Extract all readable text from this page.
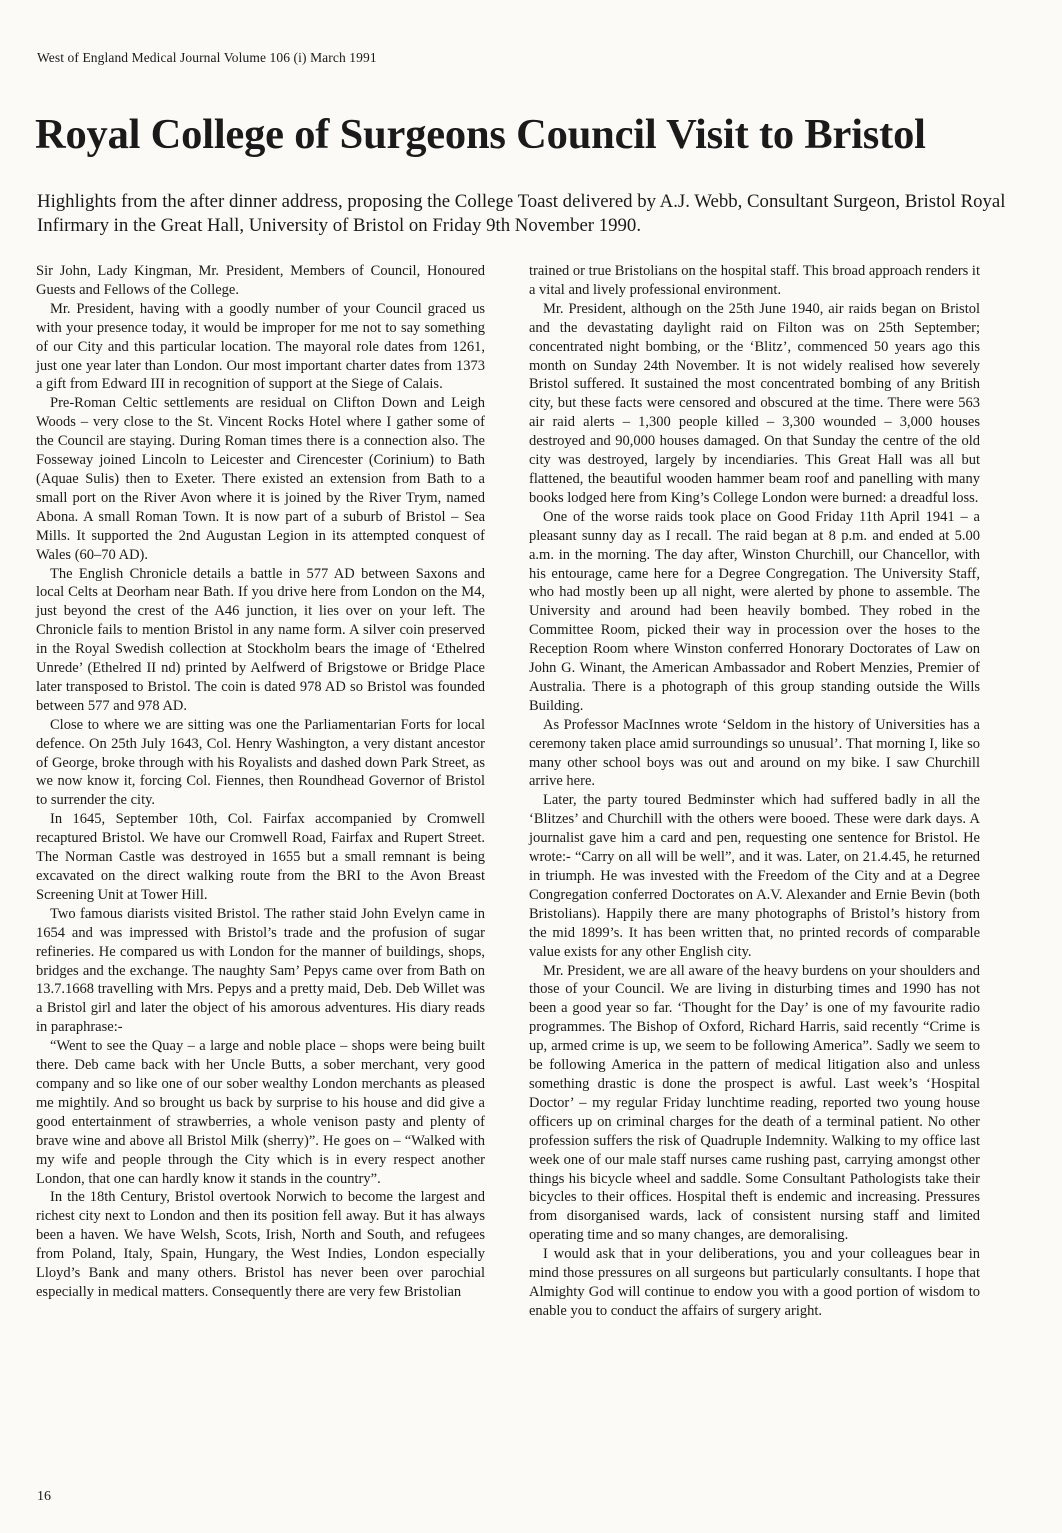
West of England Medical Journal Volume 106 (i) March 1991
Royal College of Surgeons Council Visit to Bristol

Highlights from the after dinner address, proposing the College Toast delivered by A.J. Webb, Consultant Surgeon, Bristol Royal Infirmary in the Great Hall, University of Bristol on Friday 9th November 1990.

Sir John, Lady Kingman, Mr. President, Members of Council, Honoured Guests and Fellows of the College.

Mr. President, having with a goodly number of your Council graced us with your presence today, it would be improper for me not to say something of our City and this particular location. The mayoral role dates from 1261, just one year later than London. Our most important charter dates from 1373 a gift from Edward III in recognition of support at the Siege of Calais.

Pre-Roman Celtic settlements are residual on Clifton Down and Leigh Woods – very close to the St. Vincent Rocks Hotel where I gather some of the Council are staying. During Roman times there is a connection also. The Fosseway joined Lincoln to Leicester and Cirencester (Corinium) to Bath (Aquae Sulis) then to Exeter. There existed an extension from Bath to a small port on the River Avon where it is joined by the River Trym, named Abona. A small Roman Town. It is now part of a suburb of Bristol – Sea Mills. It supported the 2nd Augustan Legion in its attempted conquest of Wales (60–70 AD).

The English Chronicle details a battle in 577 AD between Saxons and local Celts at Deorham near Bath. If you drive here from London on the M4, just beyond the crest of the A46 junction, it lies over on your left. The Chronicle fails to mention Bristol in any name form. A silver coin preserved in the Royal Swedish collection at Stockholm bears the image of ‘Ethelred Unrede’ (Ethelred II nd) printed by Aelfwerd of Brigstowe or Bridge Place later transposed to Bristol. The coin is dated 978 AD so Bristol was founded between 577 and 978 AD.

Close to where we are sitting was one the Parliamentarian Forts for local defence. On 25th July 1643, Col. Henry Washington, a very distant ancestor of George, broke through with his Royalists and dashed down Park Street, as we now know it, forcing Col. Fiennes, then Roundhead Governor of Bristol to surrender the city.

In 1645, September 10th, Col. Fairfax accompanied by Cromwell recaptured Bristol. We have our Cromwell Road, Fairfax and Rupert Street. The Norman Castle was destroyed in 1655 but a small remnant is being excavated on the direct walking route from the BRI to the Avon Breast Screening Unit at Tower Hill.

Two famous diarists visited Bristol. The rather staid John Evelyn came in 1654 and was impressed with Bristol’s trade and the profusion of sugar refineries. He compared us with London for the manner of buildings, shops, bridges and the exchange. The naughty Sam’ Pepys came over from Bath on 13.7.1668 travelling with Mrs. Pepys and a pretty maid, Deb. Deb Willet was a Bristol girl and later the object of his amorous adventures. His diary reads in paraphrase:-

“Went to see the Quay – a large and noble place – shops were being built there. Deb came back with her Uncle Butts, a sober merchant, very good company and so like one of our sober wealthy London merchants as pleased me mightily. And so brought us back by surprise to his house and did give a good entertainment of strawberries, a whole venison pasty and plenty of brave wine and above all Bristol Milk (sherry)”. He goes on – “Walked with my wife and people through the City which is in every respect another London, that one can hardly know it stands in the country”.

In the 18th Century, Bristol overtook Norwich to become the largest and richest city next to London and then its position fell away. But it has always been a haven. We have Welsh, Scots, Irish, North and South, and refugees from Poland, Italy, Spain, Hungary, the West Indies, London especially Lloyd’s Bank and many others. Bristol has never been over parochial especially in medical matters. Consequently there are very few Bristolian

trained or true Bristolians on the hospital staff. This broad approach renders it a vital and lively professional environment.

Mr. President, although on the 25th June 1940, air raids began on Bristol and the devastating daylight raid on Filton was on 25th September; concentrated night bombing, or the ‘Blitz’, commenced 50 years ago this month on Sunday 24th November. It is not widely realised how severely Bristol suffered. It sustained the most concentrated bombing of any British city, but these facts were censored and obscured at the time. There were 563 air raid alerts – 1,300 people killed – 3,300 wounded – 3,000 houses destroyed and 90,000 houses damaged. On that Sunday the centre of the old city was destroyed, largely by incendiaries. This Great Hall was all but flattened, the beautiful wooden hammer beam roof and panelling with many books lodged here from King’s College London were burned: a dreadful loss.

One of the worse raids took place on Good Friday 11th April 1941 – a pleasant sunny day as I recall. The raid began at 8 p.m. and ended at 5.00 a.m. in the morning. The day after, Winston Churchill, our Chancellor, with his entourage, came here for a Degree Congregation. The University Staff, who had mostly been up all night, were alerted by phone to assemble. The University and around had been heavily bombed. They robed in the Committee Room, picked their way in procession over the hoses to the Reception Room where Winston conferred Honorary Doctorates of Law on John G. Winant, the American Ambassador and Robert Menzies, Premier of Australia. There is a photograph of this group standing outside the Wills Building.

As Professor MacInnes wrote ‘Seldom in the history of Universities has a ceremony taken place amid surroundings so unusual’. That morning I, like so many other school boys was out and around on my bike. I saw Churchill arrive here.

Later, the party toured Bedminster which had suffered badly in all the ‘Blitzes’ and Churchill with the others were booed. These were dark days. A journalist gave him a card and pen, requesting one sentence for Bristol. He wrote:- “Carry on all will be well”, and it was. Later, on 21.4.45, he returned in triumph. He was invested with the Freedom of the City and at a Degree Congregation conferred Doctorates on A.V. Alexander and Ernie Bevin (both Bristolians). Happily there are many photographs of Bristol’s history from the mid 1899’s. It has been written that, no printed records of comparable value exists for any other English city.

Mr. President, we are all aware of the heavy burdens on your shoulders and those of your Council. We are living in disturbing times and 1990 has not been a good year so far. ‘Thought for the Day’ is one of my favourite radio programmes. The Bishop of Oxford, Richard Harris, said recently “Crime is up, armed crime is up, we seem to be following America”. Sadly we seem to be following America in the pattern of medical litigation also and unless something drastic is done the prospect is awful. Last week’s ‘Hospital Doctor’ – my regular Friday lunchtime reading, reported two young house officers up on criminal charges for the death of a terminal patient. No other profession suffers the risk of Quadruple Indemnity. Walking to my office last week one of our male staff nurses came rushing past, carrying amongst other things his bicycle wheel and saddle. Some Consultant Pathologists take their bicycles to their offices. Hospital theft is endemic and increasing. Pressures from disorganised wards, lack of consistent nursing staff and limited operating time and so many changes, are demoralising.

I would ask that in your deliberations, you and your colleagues bear in mind those pressures on all surgeons but particularly consultants. I hope that Almighty God will continue to endow you with a good portion of wisdom to enable you to conduct the affairs of surgery aright.

16
